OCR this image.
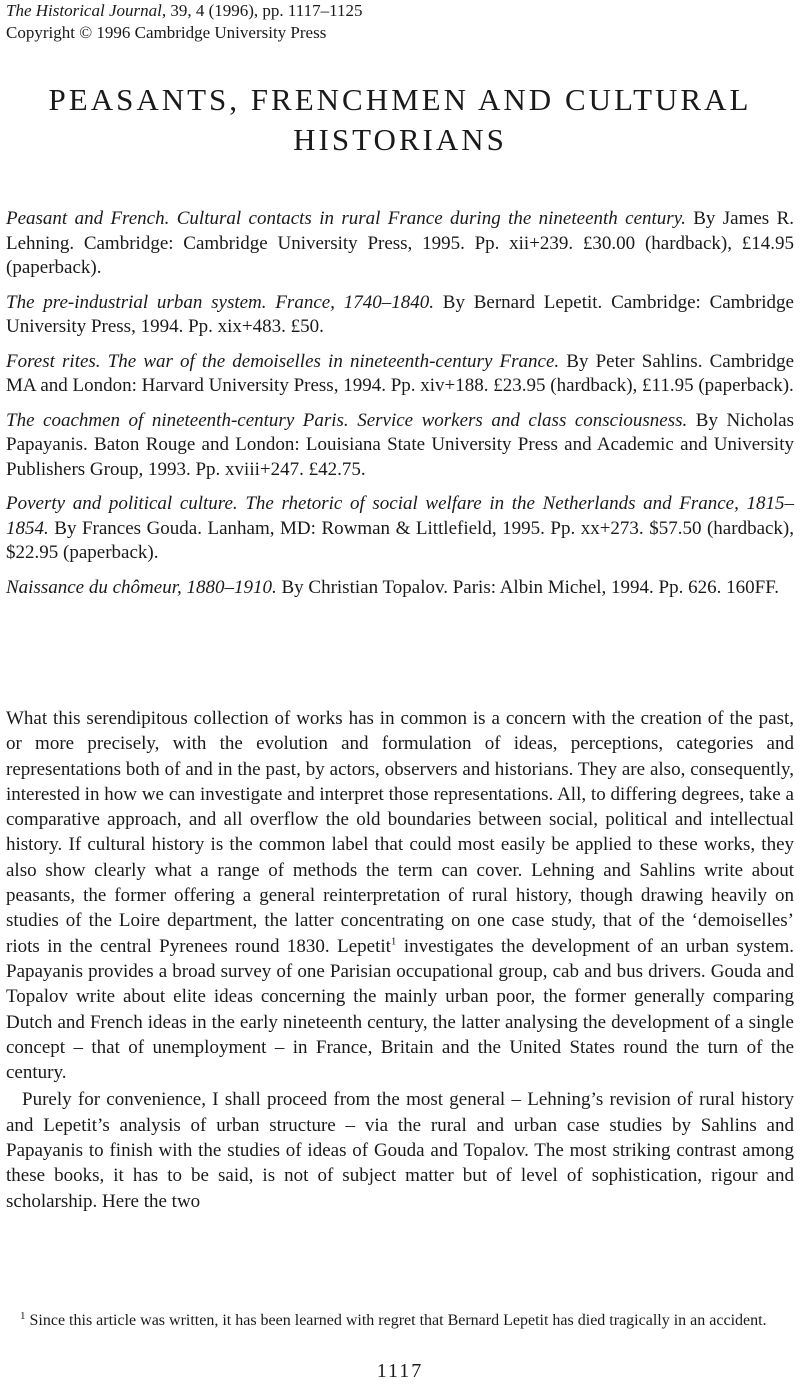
The Historical Journal, 39, 4 (1996), pp. 1117–1125
Copyright © 1996 Cambridge University Press
PEASANTS, FRENCHMEN AND CULTURAL
HISTORIANS

Peasant and French. Cultural contacts in rural France during the nineteenth century. By James R. Lehning. Cambridge: Cambridge University Press, 1995. Pp. xii+239. £30.00 (hardback), £14.95 (paperback).

The pre-industrial urban system. France, 1740–1840. By Bernard Lepetit. Cambridge: Cambridge University Press, 1994. Pp. xix+483. £50.

Forest rites. The war of the demoiselles in nineteenth-century France. By Peter Sahlins. Cambridge MA and London: Harvard University Press, 1994. Pp. xiv+188. £23.95 (hardback), £11.95 (paperback).

The coachmen of nineteenth-century Paris. Service workers and class consciousness. By Nicholas Papayanis. Baton Rouge and London: Louisiana State University Press and Academic and University Publishers Group, 1993. Pp. xviii+247. £42.75.

Poverty and political culture. The rhetoric of social welfare in the Netherlands and France, 1815–1854. By Frances Gouda. Lanham, MD: Rowman & Littlefield, 1995. Pp. xx+273. $57.50 (hardback), $22.95 (paperback).

Naissance du chômeur, 1880–1910. By Christian Topalov. Paris: Albin Michel, 1994. Pp. 626. 160FF.

What this serendipitous collection of works has in common is a concern with the creation of the past, or more precisely, with the evolution and formulation of ideas, perceptions, categories and representations both of and in the past, by actors, observers and historians. They are also, consequently, interested in how we can investigate and interpret those representations. All, to differing degrees, take a comparative approach, and all overflow the old boundaries between social, political and intellectual history. If cultural history is the common label that could most easily be applied to these works, they also show clearly what a range of methods the term can cover. Lehning and Sahlins write about peasants, the former offering a general reinterpretation of rural history, though drawing heavily on studies of the Loire department, the latter concentrating on one case study, that of the ‘demoiselles’ riots in the central Pyrenees round 1830. Lepetit$^1$ investigates the development of an urban system. Papayanis provides a broad survey of one Parisian occupational group, cab and bus drivers. Gouda and Topalov write about elite ideas concerning the mainly urban poor, the former generally comparing Dutch and French ideas in the early nineteenth century, the latter analysing the development of a single concept – that of unemployment – in France, Britain and the United States round the turn of the century.

Purely for convenience, I shall proceed from the most general – Lehning’s revision of rural history and Lepetit’s analysis of urban structure – via the rural and urban case studies by Sahlins and Papayanis to finish with the studies of ideas of Gouda and Topalov. The most striking contrast among these books, it has to be said, is not of subject matter but of level of sophistication, rigour and scholarship. Here the two

$^1$ Since this article was written, it has been learned with regret that Bernard Lepetit has died tragically in an accident.
1117
